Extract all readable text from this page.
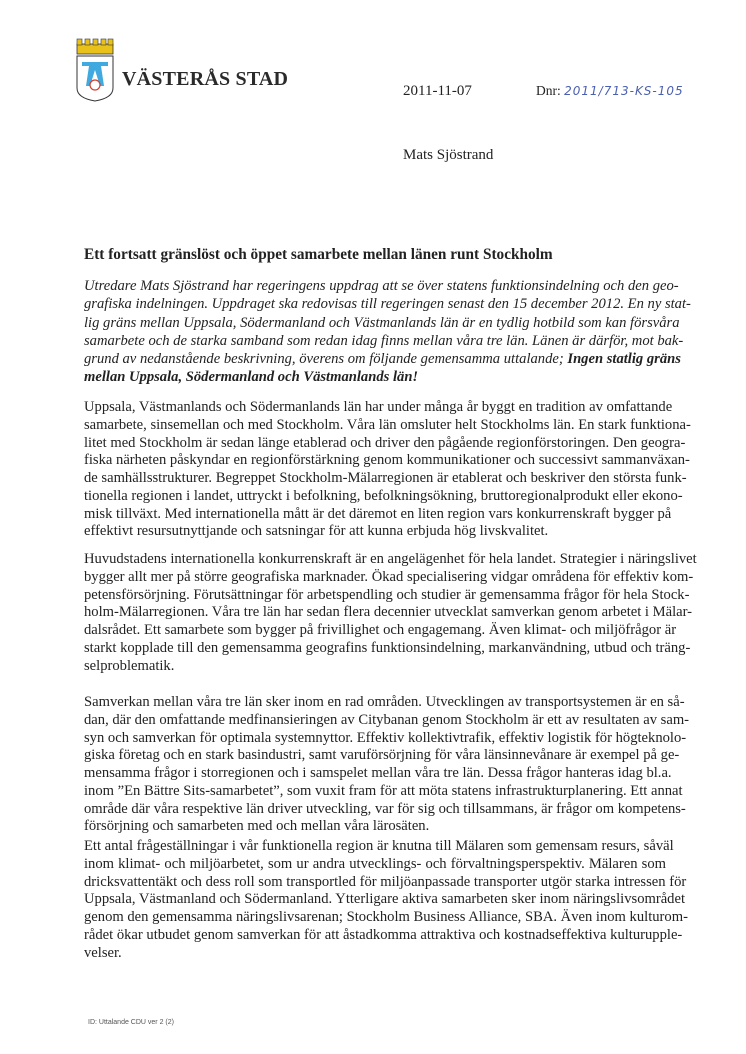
VÄSTERÅS STAD
2011-11-07	Dnr: 2011/713-KS-105
Mats Sjöstrand
Ett fortsatt gränslöst och öppet samarbete mellan länen runt Stockholm
Utredare Mats Sjöstrand har regeringens uppdrag att se över statens funktionsindelning och den geo-
grafiska indelningen. Uppdraget ska redovisas till regeringen senast den 15 december 2012. En ny stat-
lig gräns mellan Uppsala, Södermanland och Västmanlands län är en tydlig hotbild som kan försvåra
samarbete och de starka samband som redan idag finns mellan våra tre län. Länen är därför, mot bak-
grund av nedanstående beskrivning, överens om följande gemensamma uttalande; Ingen statlig gräns
mellan Uppsala, Södermanland och Västmanlands län!
Uppsala, Västmanlands och Södermanlands län har under många år byggt en tradition av omfattande
samarbete, sinsemellan och med Stockholm. Våra län omsluter helt Stockholms län. En stark funktiona-
litet med Stockholm är sedan länge etablerad och driver den pågående regionförstoringen. Den geogra-
fiska närheten påskyndar en regionförstärkning genom kommunikationer och successivt sammanväxan-
de samhällsstrukturer. Begreppet Stockholm-Mälarregionen är etablerat och beskriver den största funk-
tionella regionen i landet, uttryckt i befolkning, befolkningsökning, bruttoregionalprodukt eller ekono-
misk tillväxt. Med internationella mått är det däremot en liten region vars konkurrenskraft bygger på
effektivt resursutnyttjande och satsningar för att kunna erbjuda hög livskvalitet.
Huvudstadens internationella konkurrenskraft är en angelägenhet för hela landet. Strategier i näringslivet
bygger allt mer på större geografiska marknader. Ökad specialisering vidgar områdena för effektiv kom-
petensförsörjning. Förutsättningar för arbetspendling och studier är gemensamma frågor för hela Stock-
holm-Mälarregionen. Våra tre län har sedan flera decennier utvecklat samverkan genom arbetet i Mälar-
dalsrådet. Ett samarbete som bygger på frivillighet och engagemang. Även klimat- och miljöfrågor är
starkt kopplade till den gemensamma geografins funktionsindelning, markanvändning, utbud och träng-
selproblematik.
Samverkan mellan våra tre län sker inom en rad områden. Utvecklingen av transportsystemen är en så-
dan, där den omfattande medfinansieringen av Citybanan genom Stockholm är ett av resultaten av sam-
syn och samverkan för optimala systemnyttor. Effektiv kollektivtrafik, effektiv logistik för högteknolo-
giska företag och en stark basindustri, samt varuförsörjning för våra länsinnevånare är exempel på ge-
mensamma frågor i storregionen och i samspelet mellan våra tre län. Dessa frågor hanteras idag bl.a.
inom ”En Bättre Sits-samarbetet”, som vuxit fram för att möta statens infrastrukturplanering. Ett annat
område där våra respektive län driver utveckling, var för sig och tillsammans, är frågor om kompetens-
försörjning och samarbeten med och mellan våra lärosäten.
Ett antal frågeställningar i vår funktionella region är knutna till Mälaren som gemensam resurs, såväl
inom klimat- och miljöarbetet, som ur andra utvecklings- och förvaltningsperspektiv. Mälaren som
dricksvattentäkt och dess roll som transportled för miljöanpassade transporter utgör starka intressen för
Uppsala, Västmanland och Södermanland. Ytterligare aktiva samarbeten sker inom näringslivsområdet
genom den gemensamma näringslivsarenan; Stockholm Business Alliance, SBA. Även inom kulturom-
rådet ökar utbudet genom samverkan för att åstadkomma attraktiva och kostnadseffektiva kulturupple-
velser.
ID: Uttalande CDU ver 2 (2)
